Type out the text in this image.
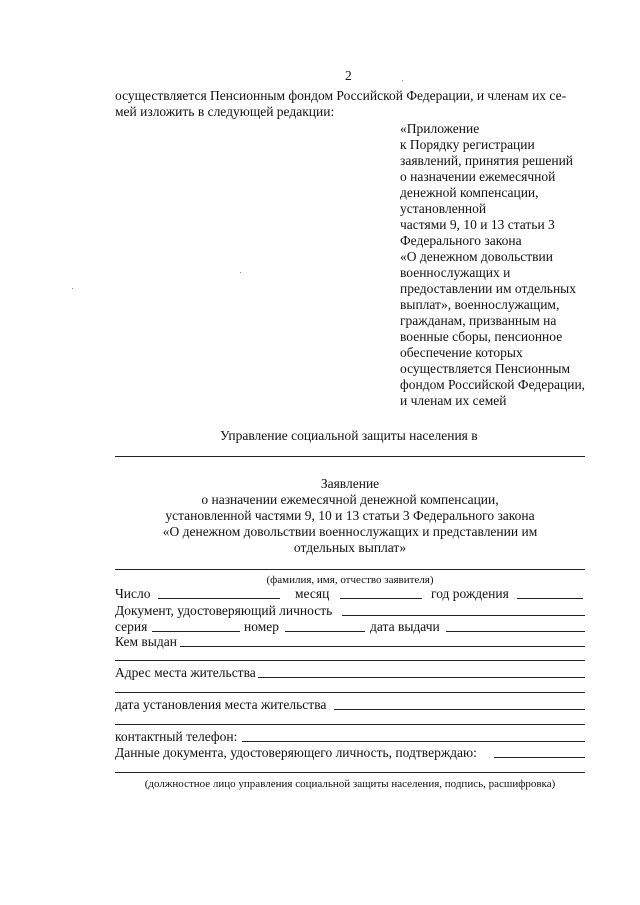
2
осуществляется Пенсионным фондом Российской Федерации, и членам их се-
мей изложить в следующей редакции:
«Приложение
к Порядку регистрации
заявлений, принятия решений
о назначении ежемесячной
денежной компенсации,
установленной
частями 9, 10 и 13 статьи 3
Федерального закона
«О денежном довольствии
военнослужащих и
предоставлении им отдельных
выплат», военнослужащим,
гражданам, призванным на
военные сборы, пенсионное
обеспечение которых
осуществляется Пенсионным
фондом Российской Федерации,
и членам их семей
Управление социальной защиты населения в
Заявление
о назначении ежемесячной денежной компенсации,
установленной частями 9, 10 и 13 статьи 3 Федерального закона
«О денежном довольствии военнослужащих и представлении им
отдельных выплат»
(фамилия, имя, отчество заявителя)
Число	месяц	год рождения
Документ, удостоверяющий личность
серия	номер	дата выдачи
Кем выдан
Адрес места жительства
дата установления места жительства
контактный телефон:
Данные документа, удостоверяющего личность, подтверждаю:
(должностное лицо управления социальной защиты населения, подпись, расшифровка)
